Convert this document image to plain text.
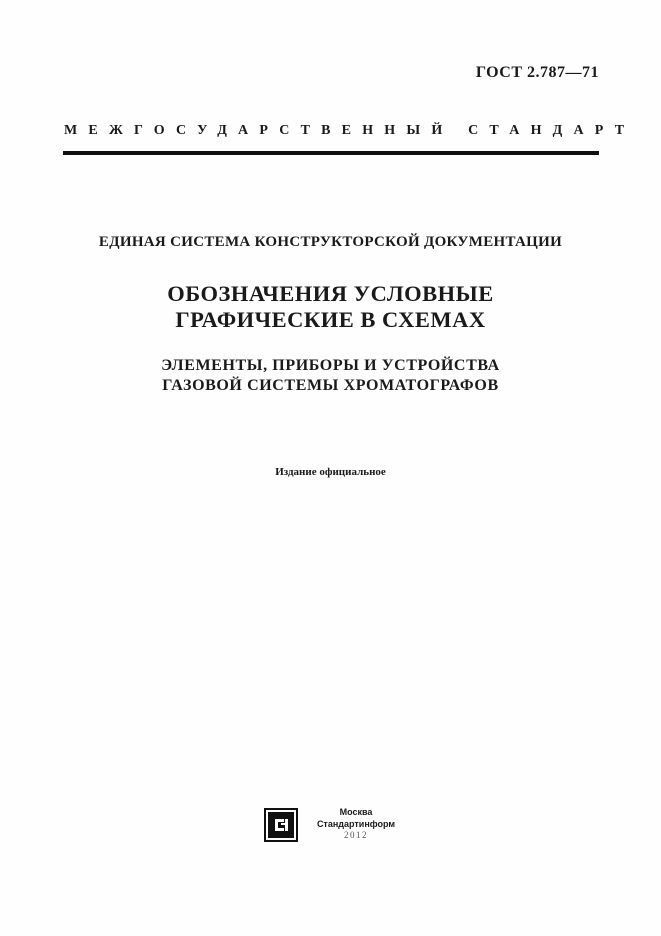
ГОСТ 2.787—71
МЕЖГОСУДАРСТВЕННЫЙ СТАНДАРТ
ЕДИНАЯ СИСТЕМА КОНСТРУКТОРСКОЙ ДОКУМЕНТАЦИИ
ОБОЗНАЧЕНИЯ УСЛОВНЫЕ
ГРАФИЧЕСКИЕ В СХЕМАХ
ЭЛЕМЕНТЫ, ПРИБОРЫ И УСТРОЙСТВА
ГАЗОВОЙ СИСТЕМЫ ХРОМАТОГРАФОВ
Издание официальное
Москва
Стандартинформ
2012
